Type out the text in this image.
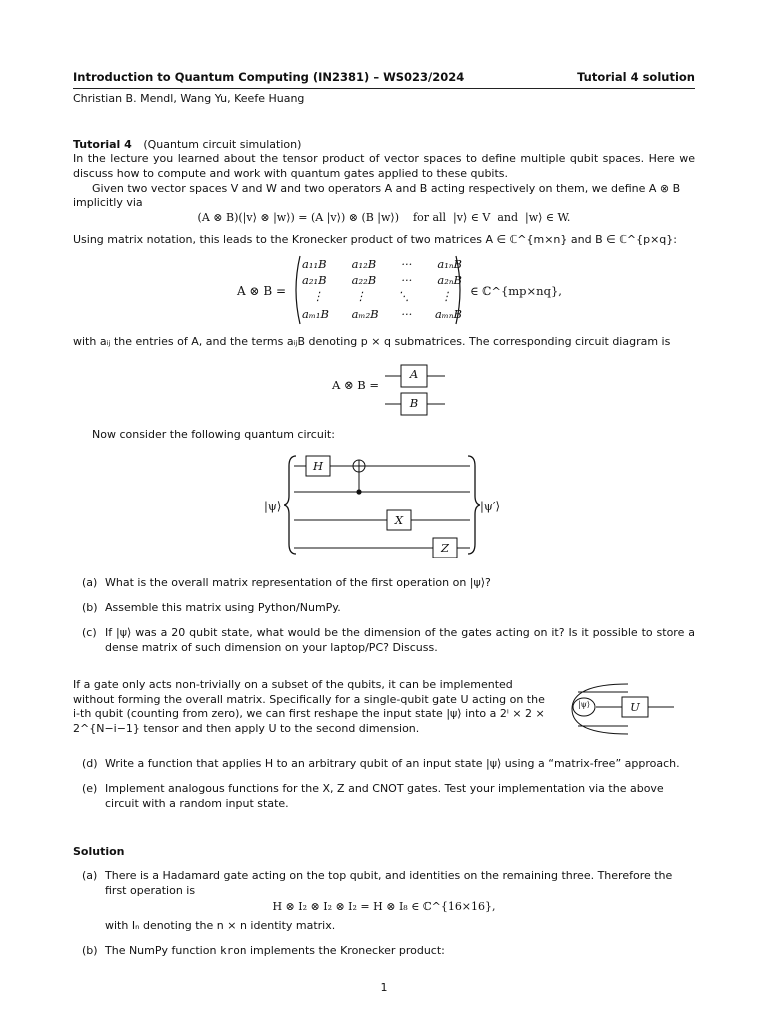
Introduction to Quantum Computing (IN2381) – WS023/2024	Tutorial 4 solution
Christian B. Mendl, Wang Yu, Keefe Huang
Tutorial 4 (Quantum circuit simulation)
In the lecture you learned about the tensor product of vector spaces to define multiple qubit spaces. Here we discuss how to compute and work with quantum gates applied to these qubits.
Given two vector spaces V and W and two operators A and B acting respectively on them, we define A ⊗ B
implicitly via
(A ⊗ B)(|v⟩ ⊗ |w⟩) = (A |v⟩) ⊗ (B |w⟩)    for all  |v⟩ ∈ V  and  |w⟩ ∈ W.
Using matrix notation, this leads to the Kronecker product of two matrices A ∈ ℂ^{m×n} and B ∈ ℂ^{p×q}:
A ⊗ B =
a₁₁B a₁₂B ··· a₁ₙB
a₂₁B a₂₂B ··· a₂ₙB
⋮	⋮	⋱	⋮
aₘ₁B aₘ₂B ··· aₘₙB
∈ ℂ^{mp×nq},
with aᵢⱼ the entries of A, and the terms aᵢⱼB denoting p × q submatrices. The corresponding circuit diagram is
A ⊗ B =
A
B
Now consider the following quantum circuit:
|ψ⟩	|ψ′⟩
H
X
Z
(a) What is the overall matrix representation of the first operation on |ψ⟩?
(b) Assemble this matrix using Python/NumPy.
(c) If |ψ⟩ was a 20 qubit state, what would be the dimension of the gates acting on it? Is it possible to store a dense matrix of such dimension on your laptop/PC? Discuss.
If a gate only acts non-trivially on a subset of the qubits, it can be implemented without forming the overall matrix. Specifically for a single-qubit gate U acting on the i-th qubit (counting from zero), we can first reshape the input state |ψ⟩ into a 2ⁱ × 2 × 2^{N−i−1} tensor and then apply U to the second dimension.
|ψ⟩	U
(d) Write a function that applies H to an arbitrary qubit of an input state |ψ⟩ using a “matrix-free” approach.
(e) Implement analogous functions for the X, Z and CNOT gates. Test your implementation via the above circuit with a random input state.
Solution
(a) There is a Hadamard gate acting on the top qubit, and identities on the remaining three. Therefore the first operation is
H ⊗ I₂ ⊗ I₂ ⊗ I₂ = H ⊗ I₈ ∈ ℂ^{16×16},
with Iₙ denoting the n × n identity matrix.
(b) The NumPy function kron implements the Kronecker product:
1
